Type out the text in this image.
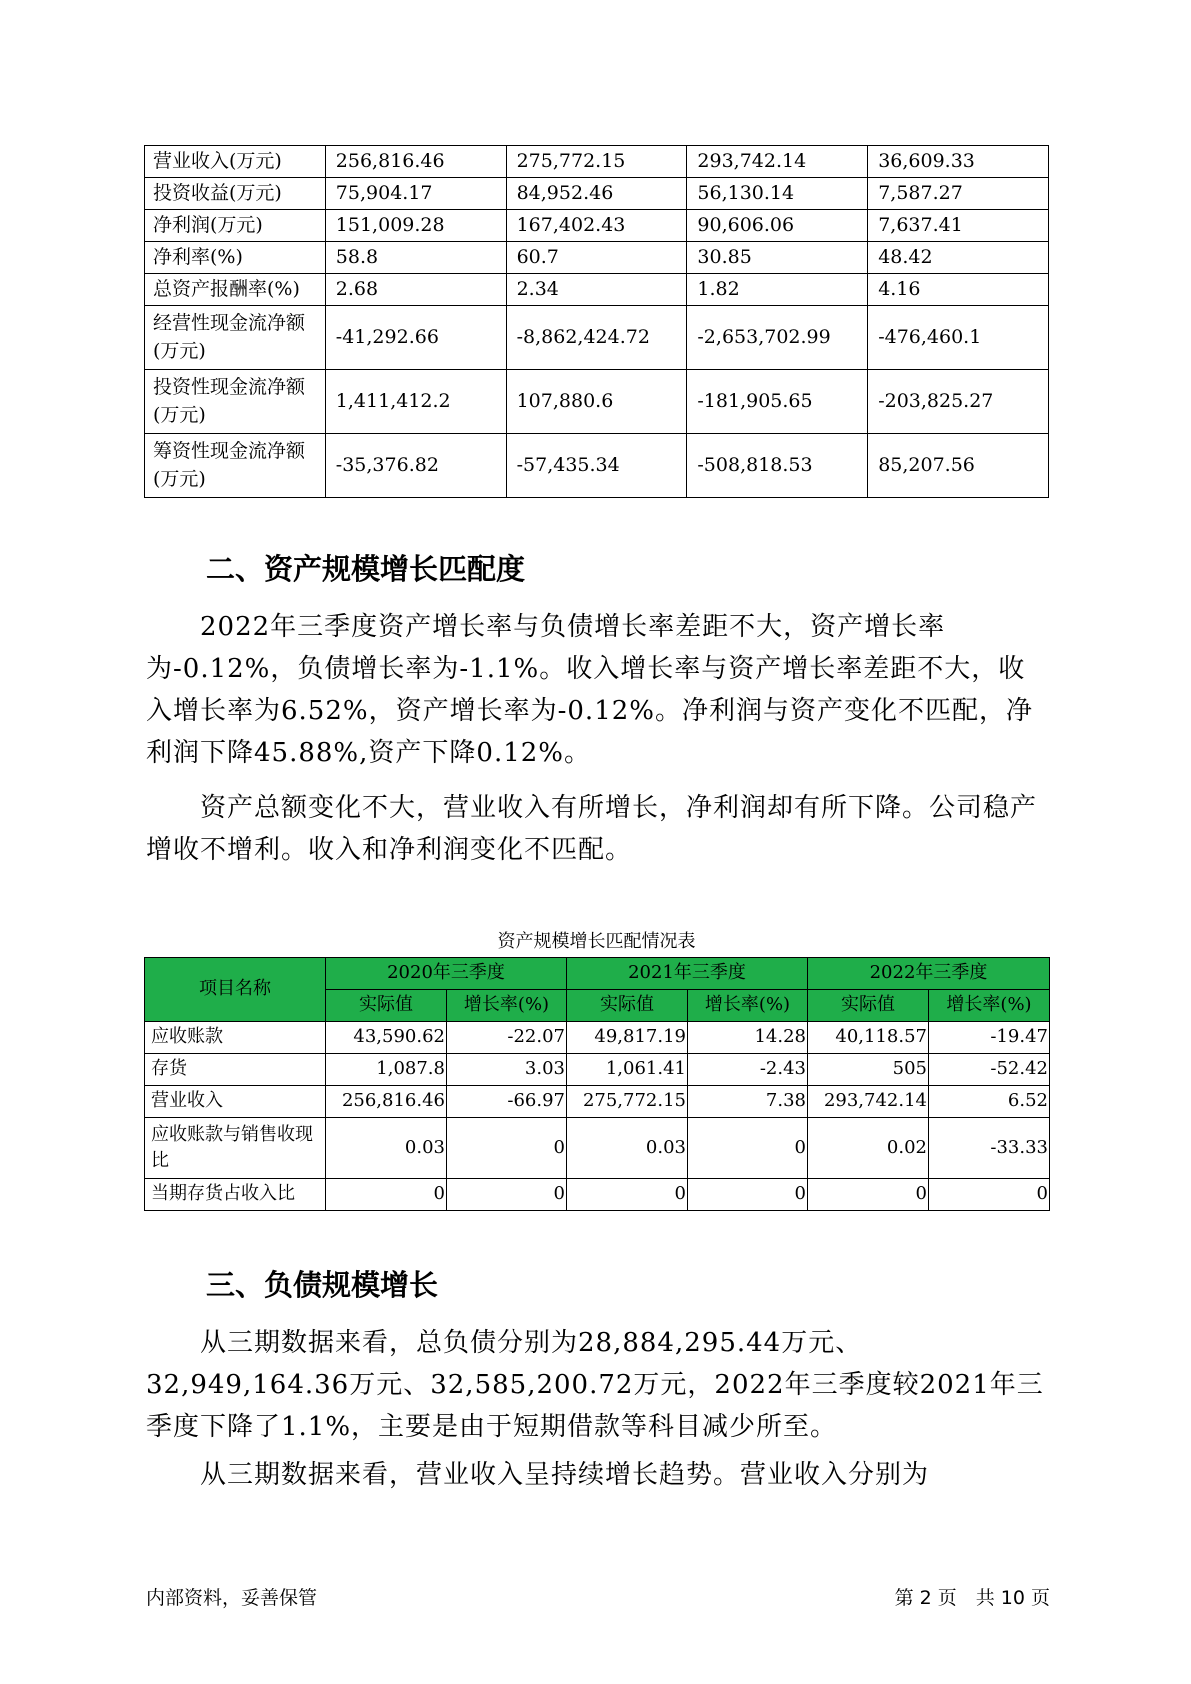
营业收入(万元)	256,816.46	275,772.15	293,742.14	36,609.33
投资收益(万元)	75,904.17	84,952.46	56,130.14	7,587.27
净利润(万元)	151,009.28	167,402.43	90,606.06	7,637.41
净利率(%)	58.8	60.7	30.85	48.42
总资产报酬率(%)	2.68	2.34	1.82	4.16
经营性现金流净额(万元)	-41,292.66	-8,862,424.72	-2,653,702.99	-476,460.1
投资性现金流净额(万元)	1,411,412.2	107,880.6	-181,905.65	-203,825.27
筹资性现金流净额(万元)	-35,376.82	-57,435.34	-508,818.53	85,207.56
二、资产规模增长匹配度

2022年三季度资产增长率与负债增长率差距不大，资产增长率为-0.12%，负债增长率为-1.1%。收入增长率与资产增长率差距不大，收入增长率为6.52%，资产增长率为-0.12%。净利润与资产变化不匹配，净利润下降45.88%,资产下降0.12%。

资产总额变化不大，营业收入有所增长，净利润却有所下降。公司稳产增收不增利。收入和净利润变化不匹配。

资产规模增长匹配情况表
项目名称	2020年三季度		2021年三季度		2022年三季度	
	实际值	增长率(%)	实际值	增长率(%)	实际值	增长率(%)
应收账款	43,590.62	-22.07	49,817.19	14.28	40,118.57	-19.47
存货	1,087.8	3.03	1,061.41	-2.43	505	-52.42
营业收入	256,816.46	-66.97	275,772.15	7.38	293,742.14	6.52
应收账款与销售收现比	0.03	0	0.03	0	0.02	-33.33
当期存货占收入比	0	0	0	0	0	0
三、负债规模增长

从三期数据来看，总负债分别为28,884,295.44万元、32,949,164.36万元、32,585,200.72万元，2022年三季度较2021年三季度下降了1.1%，主要是由于短期借款等科目减少所至。

从三期数据来看，营业收入呈持续增长趋势。营业收入分别为

内部资料，妥善保管	第 2 页　共 10 页
